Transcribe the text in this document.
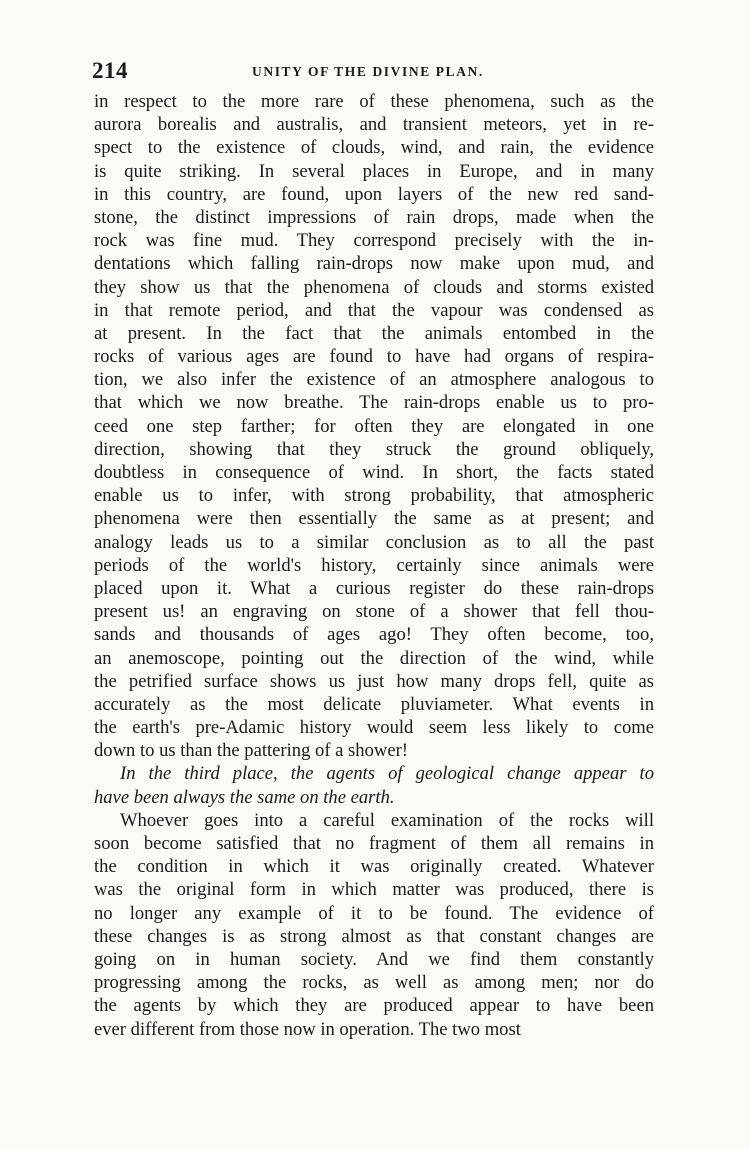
214	UNITY OF THE DIVINE PLAN.
in respect to the more rare of these phenomena, such as the
aurora borealis and australis, and transient meteors, yet in re-
spect to the existence of clouds, wind, and rain, the evidence
is quite striking. In several places in Europe, and in many
in this country, are found, upon layers of the new red sand-
stone, the distinct impressions of rain drops, made when the
rock was fine mud. They correspond precisely with the in-
dentations which falling rain-drops now make upon mud, and
they show us that the phenomena of clouds and storms existed
in that remote period, and that the vapour was condensed as
at present. In the fact that the animals entombed in the
rocks of various ages are found to have had organs of respira-
tion, we also infer the existence of an atmosphere analogous to
that which we now breathe. The rain-drops enable us to pro-
ceed one step farther; for often they are elongated in one
direction, showing that they struck the ground obliquely,
doubtless in consequence of wind. In short, the facts stated
enable us to infer, with strong probability, that atmospheric
phenomena were then essentially the same as at present; and
analogy leads us to a similar conclusion as to all the past
periods of the world's history, certainly since animals were
placed upon it. What a curious register do these rain-drops
present us! an engraving on stone of a shower that fell thou-
sands and thousands of ages ago! They often become, too,
an anemoscope, pointing out the direction of the wind, while
the petrified surface shows us just how many drops fell, quite as
accurately as the most delicate pluviameter. What events in
the earth's pre-Adamic history would seem less likely to come
down to us than the pattering of a shower!
In the third place, the agents of geological change appear to
have been always the same on the earth.
Whoever goes into a careful examination of the rocks will
soon become satisfied that no fragment of them all remains in
the condition in which it was originally created. Whatever
was the original form in which matter was produced, there is
no longer any example of it to be found. The evidence of
these changes is as strong almost as that constant changes are
going on in human society. And we find them constantly
progressing among the rocks, as well as among men; nor do
the agents by which they are produced appear to have been
ever different from those now in operation. The two most
